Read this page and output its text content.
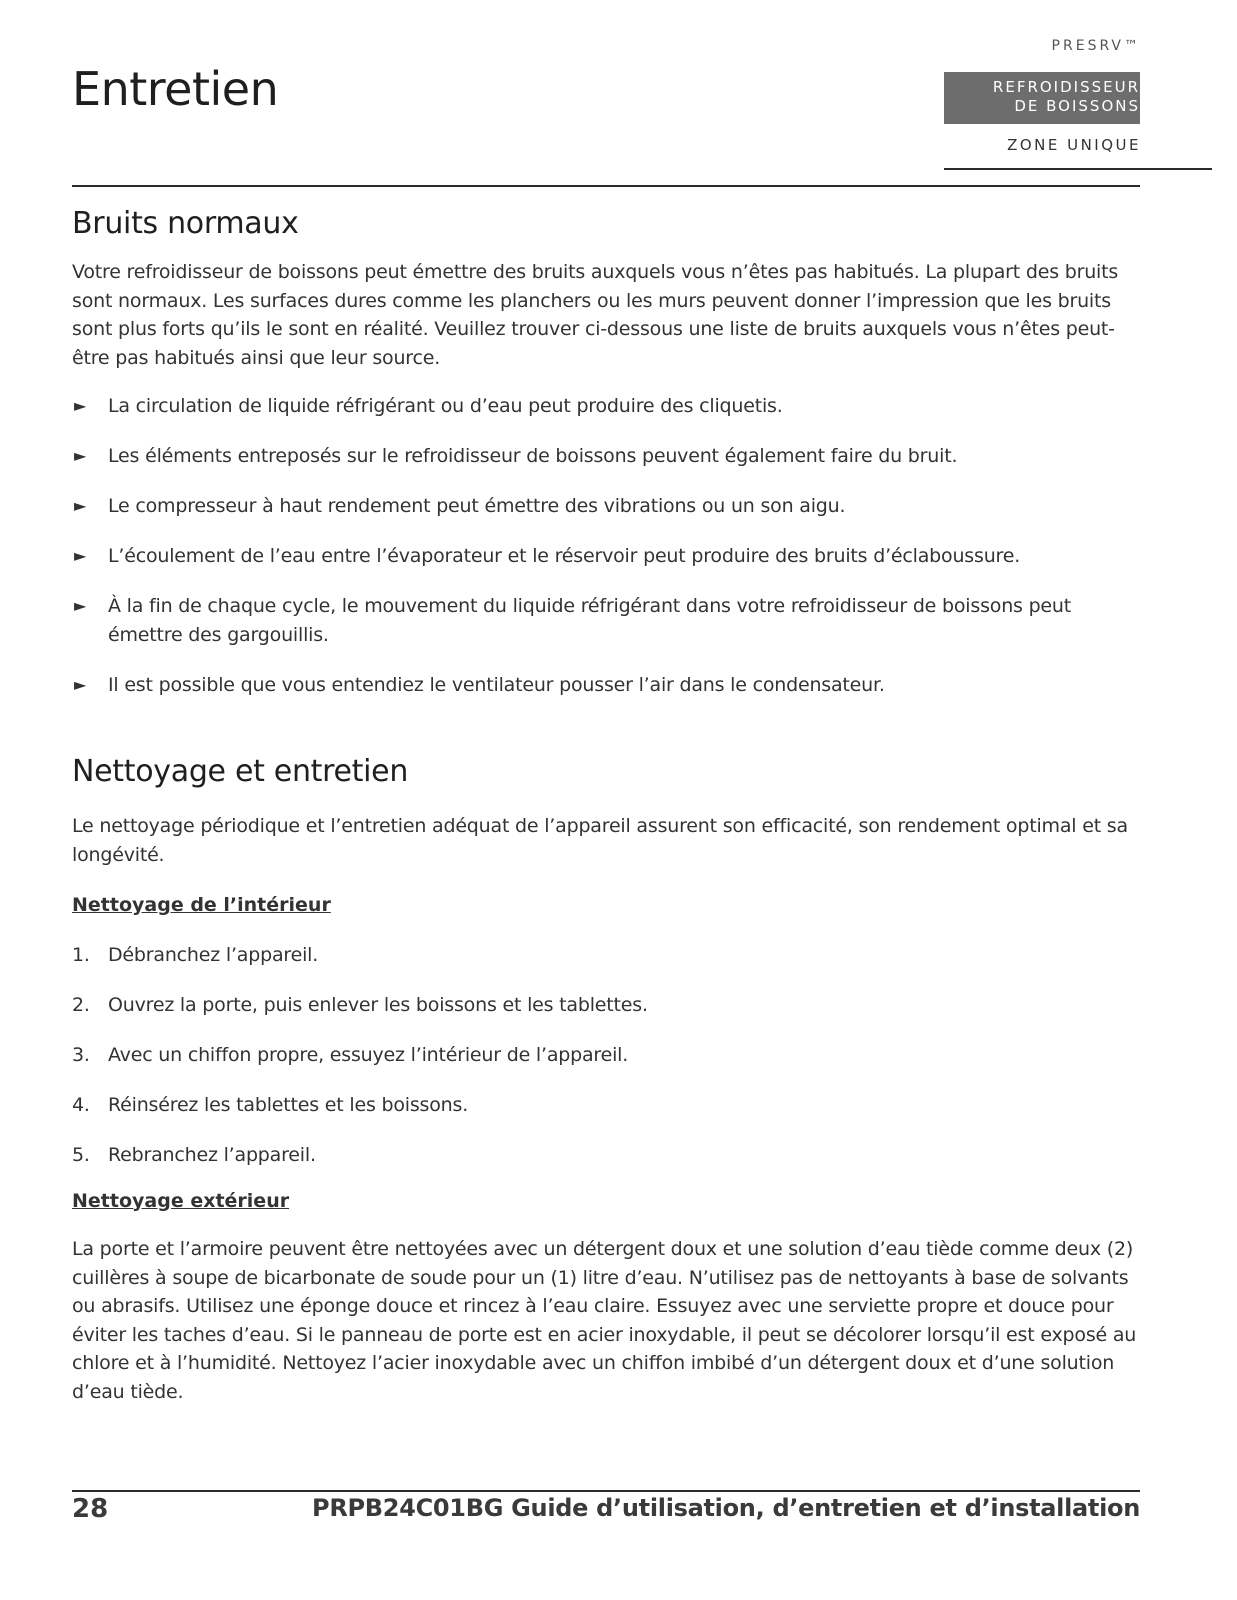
Entretien
PRESRV™
REFROIDISSEUR
DE BOISSONS
ZONE UNIQUE
Bruits normaux

Votre refroidisseur de boissons peut émettre des bruits auxquels vous n’êtes pas habitués. La plupart des bruits sont normaux. Les surfaces dures comme les planchers ou les murs peuvent donner l’impression que les bruits sont plus forts qu’ils le sont en réalité. Veuillez trouver ci-dessous une liste de bruits auxquels vous n’êtes peut-être pas habitués ainsi que leur source.

► La circulation de liquide réfrigérant ou d’eau peut produire des cliquetis.
► Les éléments entreposés sur le refroidisseur de boissons peuvent également faire du bruit.
► Le compresseur à haut rendement peut émettre des vibrations ou un son aigu.
► L’écoulement de l’eau entre l’évaporateur et le réservoir peut produire des bruits d’éclaboussure.
► À la fin de chaque cycle, le mouvement du liquide réfrigérant dans votre refroidisseur de boissons peut émettre des gargouillis.
► Il est possible que vous entendiez le ventilateur pousser l’air dans le condensateur.
Nettoyage et entretien

Le nettoyage périodique et l’entretien adéquat de l’appareil assurent son efficacité, son rendement optimal et sa longévité.

Nettoyage de l’intérieur
1. Débranchez l’appareil.
2. Ouvrez la porte, puis enlever les boissons et les tablettes.
3. Avec un chiffon propre, essuyez l’intérieur de l’appareil.
4. Réinsérez les tablettes et les boissons.
5. Rebranchez l’appareil.
Nettoyage extérieur

La porte et l’armoire peuvent être nettoyées avec un détergent doux et une solution d’eau tiède comme deux (2) cuillères à soupe de bicarbonate de soude pour un (1) litre d’eau. N’utilisez pas de nettoyants à base de solvants ou abrasifs. Utilisez une éponge douce et rincez à l’eau claire. Essuyez avec une serviette propre et douce pour éviter les taches d’eau. Si le panneau de porte est en acier inoxydable, il peut se décolorer lorsqu’il est exposé au chlore et à l’humidité. Nettoyez l’acier inoxydable avec un chiffon imbibé d’un détergent doux et d’une solution d’eau tiède.

28	PRPB24C01BG Guide d’utilisation, d’entretien et d’installation
